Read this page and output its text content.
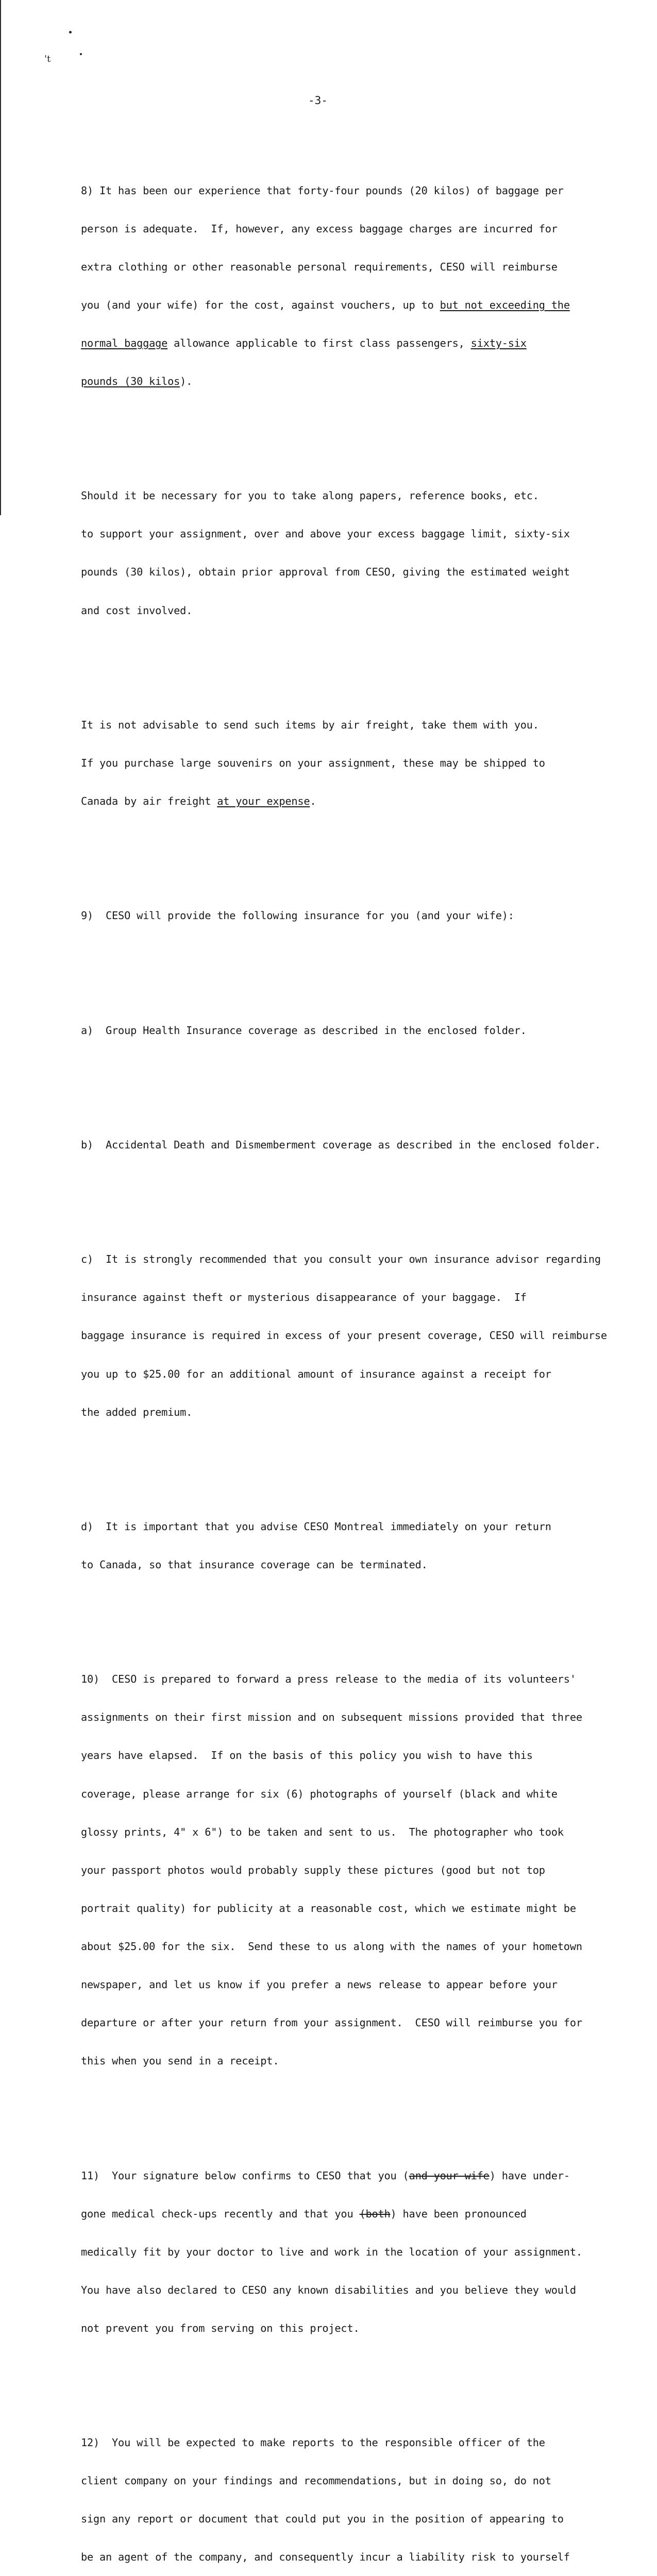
't
-3-

8) It has been our experience that forty-four pounds (20 kilos) of baggage per

person is adequate.  If, however, any excess baggage charges are incurred for

extra clothing or other reasonable personal requirements, CESO will reimburse

you (and your wife) for the cost, against vouchers, up to but not exceeding the

normal baggage allowance applicable to first class passengers, sixty-six

pounds (30 kilos).

Should it be necessary for you to take along papers, reference books, etc.

to support your assignment, over and above your excess baggage limit, sixty-six

pounds (30 kilos), obtain prior approval from CESO, giving the estimated weight

and cost involved.

It is not advisable to send such items by air freight, take them with you.

If you purchase large souvenirs on your assignment, these may be shipped to

Canada by air freight at your expense.

9)  CESO will provide the following insurance for you (and your wife):

a)  Group Health Insurance coverage as described in the enclosed folder.

b)  Accidental Death and Dismemberment coverage as described in the enclosed folder.

c)  It is strongly recommended that you consult your own insurance advisor regarding

insurance against theft or mysterious disappearance of your baggage.  If

baggage insurance is required in excess of your present coverage, CESO will reimburse

you up to $25.00 for an additional amount of insurance against a receipt for

the added premium.

d)  It is important that you advise CESO Montreal immediately on your return

to Canada, so that insurance coverage can be terminated.

10)  CESO is prepared to forward a press release to the media of its volunteers'

assignments on their first mission and on subsequent missions provided that three

years have elapsed.  If on the basis of this policy you wish to have this

coverage, please arrange for six (6) photographs of yourself (black and white

glossy prints, 4" x 6") to be taken and sent to us.  The photographer who took

your passport photos would probably supply these pictures (good but not top

portrait quality) for publicity at a reasonable cost, which we estimate might be

about $25.00 for the six.  Send these to us along with the names of your hometown

newspaper, and let us know if you prefer a news release to appear before your

departure or after your return from your assignment.  CESO will reimburse you for

this when you send in a receipt.

11)  Your signature below confirms to CESO that you (and your wife) have under-

gone medical check-ups recently and that you (both) have been pronounced

medically fit by your doctor to live and work in the location of your assignment.

You have also declared to CESO any known disabilities and you believe they would

not prevent you from serving on this project.

12)  You will be expected to make reports to the responsible officer of the

client company on your findings and recommendations, but in doing so, do not

sign any report or document that could put you in the position of appearing to

be an agent of the company, and consequently incur a liability risk to yourself
